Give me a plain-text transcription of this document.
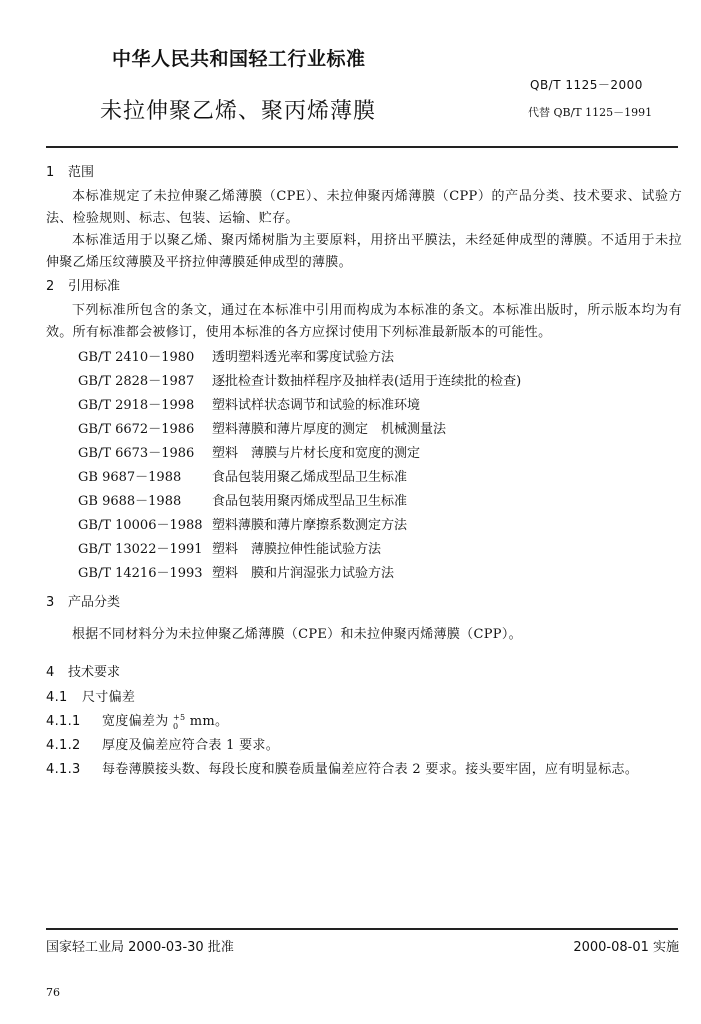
中华人民共和国轻工行业标准
QB/T 1125－2000
未拉伸聚乙烯、聚丙烯薄膜	代替 QB/T 1125－1991
1 范围

本标准规定了未拉伸聚乙烯薄膜（CPE）、未拉伸聚丙烯薄膜（CPP）的产品分类、技术要求、试验方法、检验规则、标志、包装、运输、贮存。

本标准适用于以聚乙烯、聚丙烯树脂为主要原料，用挤出平膜法，未经延伸成型的薄膜。不适用于未拉伸聚乙烯压纹薄膜及平挤拉伸薄膜延伸成型的薄膜。

2 引用标准

下列标准所包含的条文，通过在本标准中引用而构成为本标准的条文。本标准出版时，所示版本均为有效。所有标准都会被修订，使用本标准的各方应探讨使用下列标准最新版本的可能性。

GB/T 2410－1980 透明塑料透光率和雾度试验方法
GB/T 2828－1987 逐批检查计数抽样程序及抽样表(适用于连续批的检查)
GB/T 2918－1998 塑料试样状态调节和试验的标准环境
GB/T 6672－1986 塑料薄膜和薄片厚度的测定　机械测量法
GB/T 6673－1986 塑料　薄膜与片材长度和宽度的测定
GB 9687－1988 食品包装用聚乙烯成型品卫生标准
GB 9688－1988 食品包装用聚丙烯成型品卫生标准
GB/T 10006－1988 塑料薄膜和薄片摩擦系数测定方法
GB/T 13022－1991 塑料　薄膜拉伸性能试验方法
GB/T 14216－1993 塑料　膜和片润湿张力试验方法
3 产品分类

根据不同材料分为未拉伸聚乙烯薄膜（CPE）和未拉伸聚丙烯薄膜（CPP）。

4 技术要求

4.1 尺寸偏差

4.1.1 宽度偏差为 +5
0 mm。

4.1.2 厚度及偏差应符合表 1 要求。

4.1.3 每卷薄膜接头数、每段长度和膜卷质量偏差应符合表 2 要求。接头要牢固，应有明显标志。

国家轻工业局 2000-03-30 批准	2000-08-01 实施
76
